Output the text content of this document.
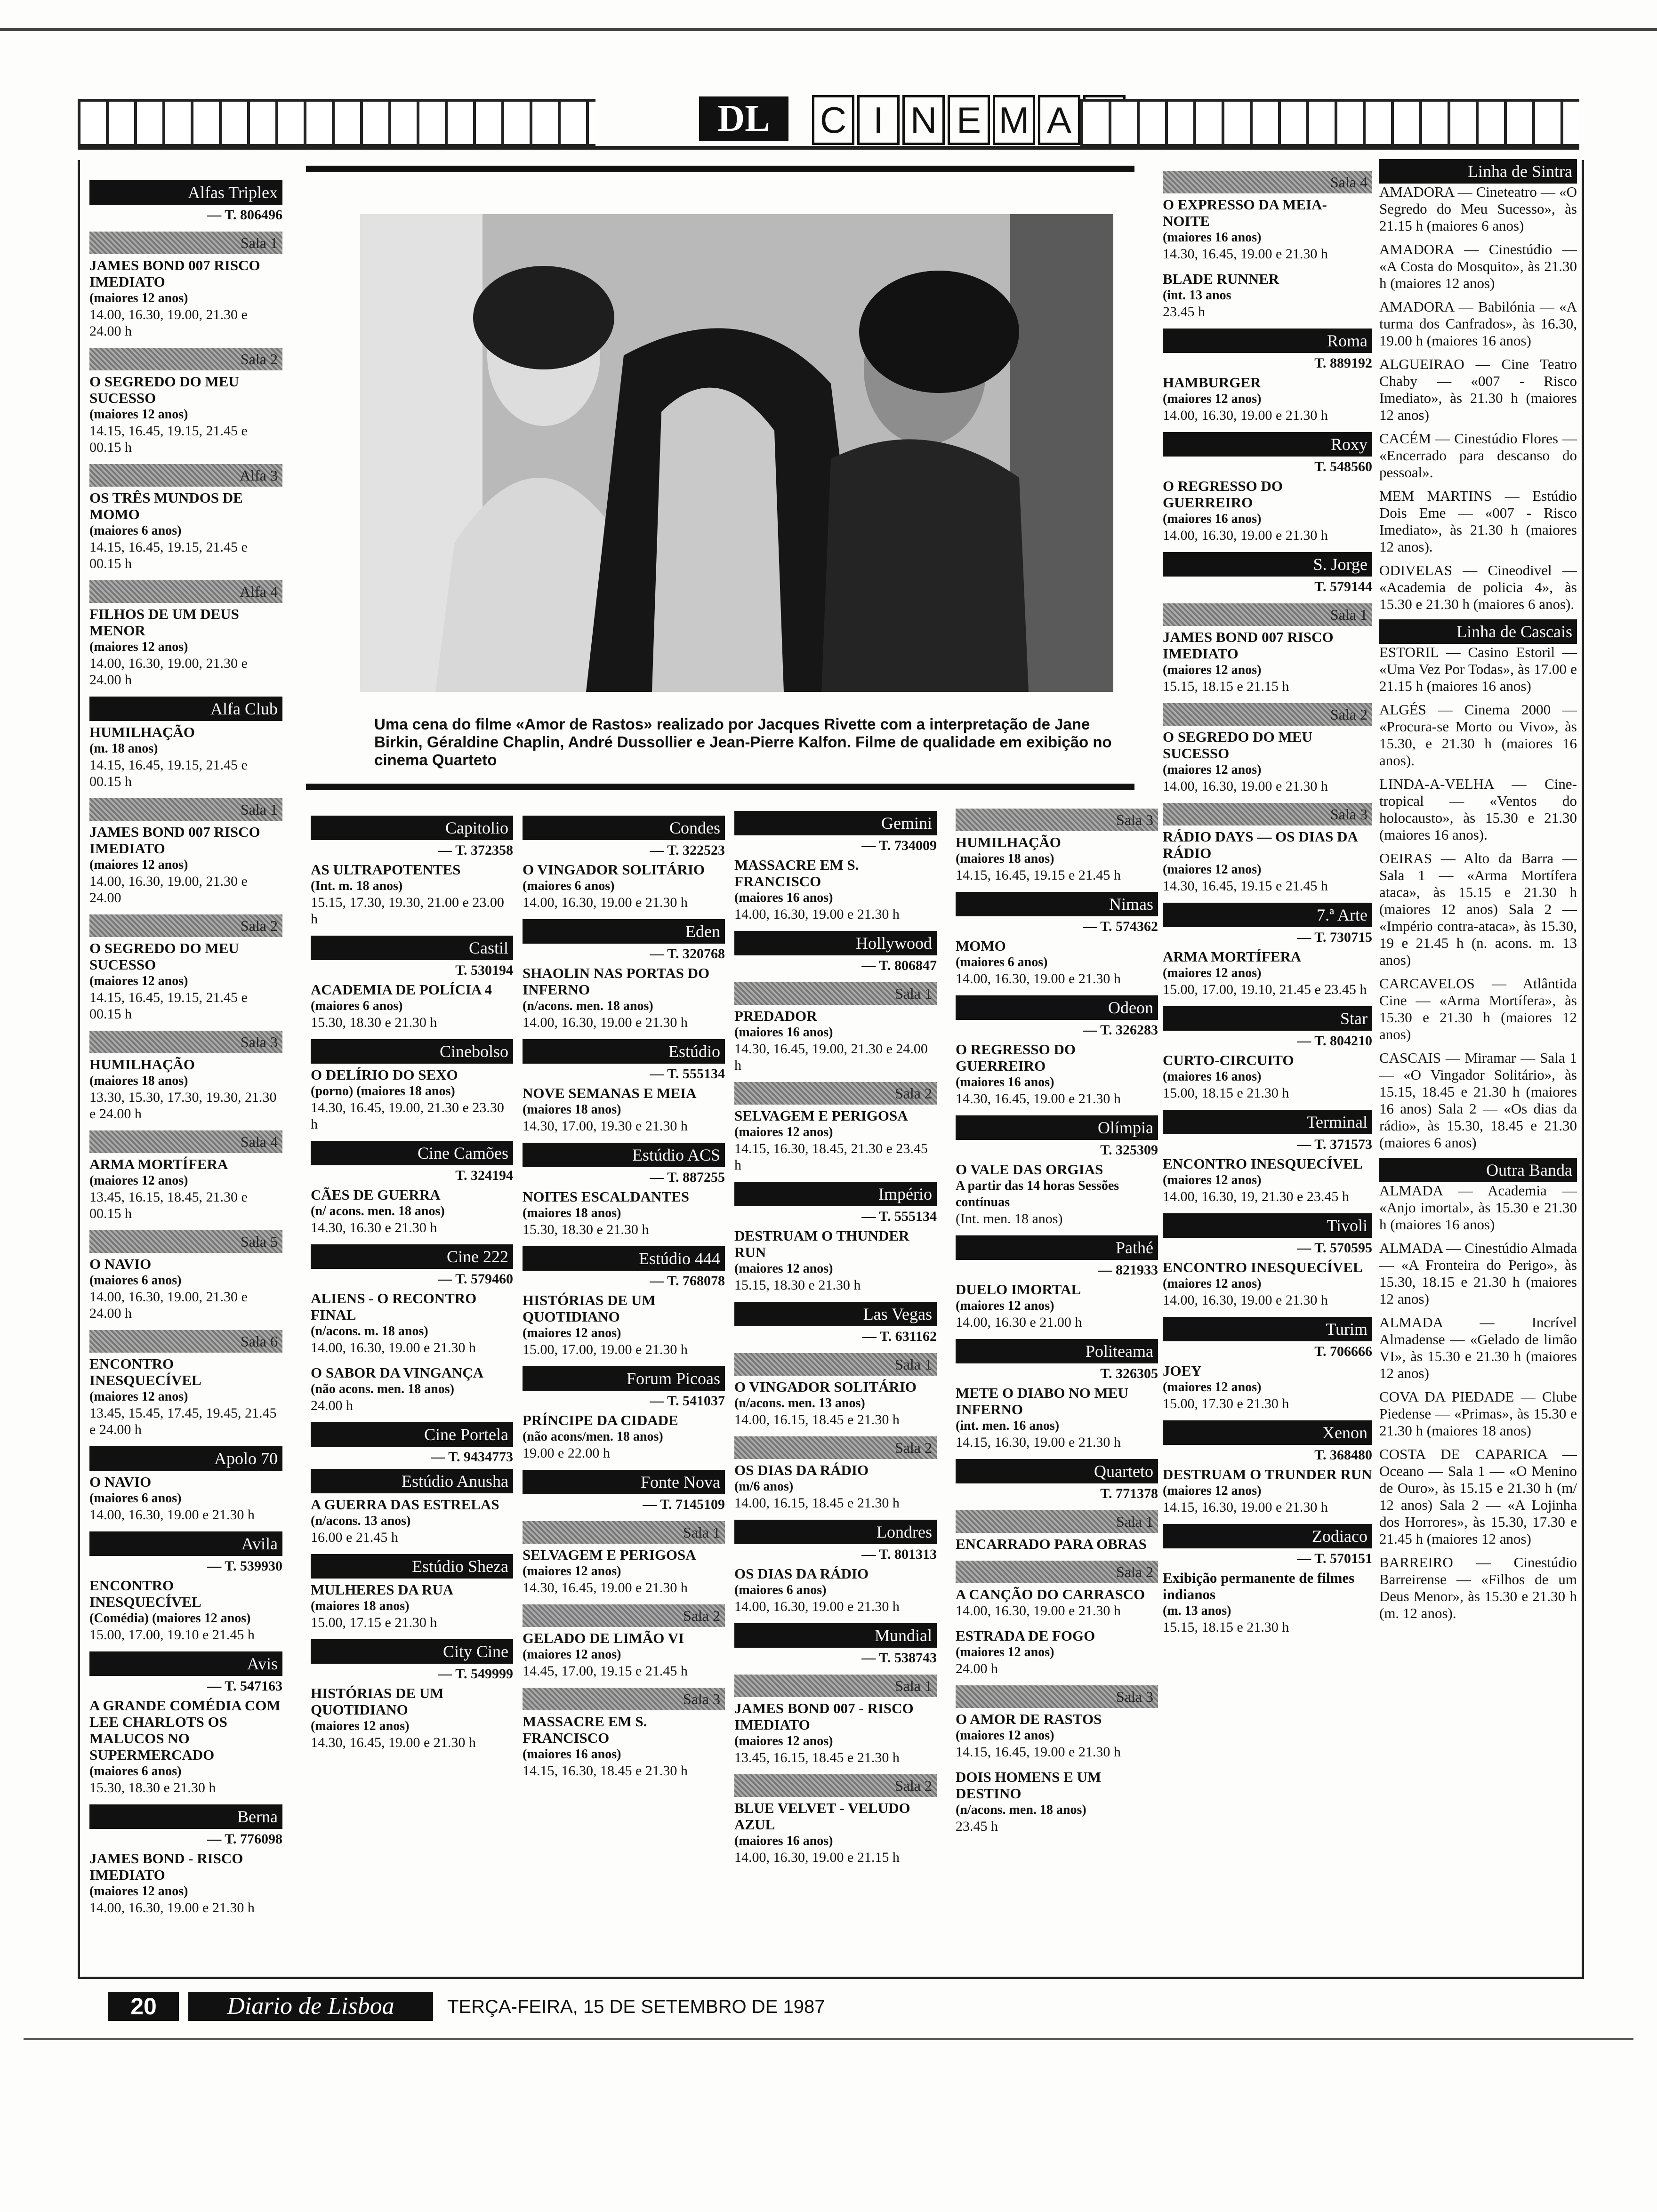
DL	C I N E M A
Uma cena do filme «Amor de Rastos» realizado por Jacques Rivette com a interpretação de Jane Birkin, Géraldine Chaplin, André Dussollier e Jean-Pierre Kalfon. Filme de qualidade em exibição no cinema Quarteto
Alfas Triplex
— T. 806496
Sala 1
JAMES BOND 007 RISCO IMEDIATO
(maiores 12 anos)
14.00, 16.30, 19.00, 21.30 e 24.00 h
Sala 2
O SEGREDO DO MEU SUCESSO
(maiores 12 anos)
14.15, 16.45, 19.15, 21.45 e 00.15 h
Alfa 3
OS TRÊS MUNDOS DE MOMO
(maiores 6 anos)
14.15, 16.45, 19.15, 21.45 e 00.15 h
Alfa 4
FILHOS DE UM DEUS MENOR
(maiores 12 anos)
14.00, 16.30, 19.00, 21.30 e 24.00 h
Alfa Club
HUMILHAÇÃO
(m. 18 anos)
14.15, 16.45, 19.15, 21.45 e 00.15 h
Sala 1
JAMES BOND 007 RISCO IMEDIATO
(maiores 12 anos)
14.00, 16.30, 19.00, 21.30 e 24.00
Sala 2
O SEGREDO DO MEU SUCESSO
(maiores 12 anos)
14.15, 16.45, 19.15, 21.45 e 00.15 h
Sala 3
HUMILHAÇÃO
(maiores 18 anos)
13.30, 15.30, 17.30, 19.30, 21.30 e 24.00 h
Sala 4
ARMA MORTÍFERA
(maiores 12 anos)
13.45, 16.15, 18.45, 21.30 e 00.15 h
Sala 5
O NAVIO
(maiores 6 anos)
14.00, 16.30, 19.00, 21.30 e 24.00 h
Sala 6
ENCONTRO INESQUECÍVEL
(maiores 12 anos)
13.45, 15.45, 17.45, 19.45, 21.45 e 24.00 h
Apolo 70
O NAVIO
(maiores 6 anos)
14.00, 16.30, 19.00 e 21.30 h
Avila
— T. 539930
ENCONTRO INESQUECÍVEL
(Comédia) (maiores 12 anos)
15.00, 17.00, 19.10 e 21.45 h
Avis
— T. 547163
A GRANDE COMÉDIA COM LEE CHARLOTS OS MALUCOS NO SUPERMERCADO
(maiores 6 anos)
15.30, 18.30 e 21.30 h
Berna
— T. 776098
JAMES BOND - RISCO IMEDIATO
(maiores 12 anos)
14.00, 16.30, 19.00 e 21.30 h
Capitolio
— T. 372358
AS ULTRAPOTENTES
(Int. m. 18 anos)
15.15, 17.30, 19.30, 21.00 e 23.00 h
Castil
T. 530194
ACADEMIA DE POLÍCIA 4
(maiores 6 anos)
15.30, 18.30 e 21.30 h
Cinebolso
O DELÍRIO DO SEXO
(porno) (maiores 18 anos)
14.30, 16.45, 19.00, 21.30 e 23.30 h
Cine Camões
T. 324194
CÃES DE GUERRA
(n/ acons. men. 18 anos)
14.30, 16.30 e 21.30 h
Cine 222
— T. 579460
ALIENS - O RECONTRO FINAL
(n/acons. m. 18 anos)
14.00, 16.30, 19.00 e 21.30 h
O SABOR DA VINGANÇA
(não acons. men. 18 anos)
24.00 h
Cine Portela
— T. 9434773
Estúdio Anusha
A GUERRA DAS ESTRELAS
(n/acons. 13 anos)
16.00 e 21.45 h
Estúdio Sheza
MULHERES DA RUA
(maiores 18 anos)
15.00, 17.15 e 21.30 h
City Cine
— T. 549999
HISTÓRIAS DE UM QUOTIDIANO
(maiores 12 anos)
14.30, 16.45, 19.00 e 21.30 h
Condes
— T. 322523
O VINGADOR SOLITÁRIO
(maiores 6 anos)
14.00, 16.30, 19.00 e 21.30 h
Eden
— T. 320768
SHAOLIN NAS PORTAS DO INFERNO
(n/acons. men. 18 anos)
14.00, 16.30, 19.00 e 21.30 h
Estúdio
— T. 555134
NOVE SEMANAS E MEIA
(maiores 18 anos)
14.30, 17.00, 19.30 e 21.30 h
Estúdio ACS
— T. 887255
NOITES ESCALDANTES
(maiores 18 anos)
15.30, 18.30 e 21.30 h
Estúdio 444
— T. 768078
HISTÓRIAS DE UM QUOTIDIANO
(maiores 12 anos)
15.00, 17.00, 19.00 e 21.30 h
Forum Picoas
— T. 541037
PRÍNCIPE DA CIDADE
(não acons/men. 18 anos)
19.00 e 22.00 h
Fonte Nova
— T. 7145109
Sala 1
SELVAGEM E PERIGOSA
(maiores 12 anos)
14.30, 16.45, 19.00 e 21.30 h
Sala 2
GELADO DE LIMÃO VI
(maiores 12 anos)
14.45, 17.00, 19.15 e 21.45 h
Sala 3
MASSACRE EM S. FRANCISCO
(maiores 16 anos)
14.15, 16.30, 18.45 e 21.30 h
Gemini
— T. 734009
MASSACRE EM S. FRANCISCO
(maiores 16 anos)
14.00, 16.30, 19.00 e 21.30 h
Hollywood
— T. 806847
Sala 1
PREDADOR
(maiores 16 anos)
14.30, 16.45, 19.00, 21.30 e 24.00 h
Sala 2
SELVAGEM E PERIGOSA
(maiores 12 anos)
14.15, 16.30, 18.45, 21.30 e 23.45 h
Império
— T. 555134
DESTRUAM O THUNDER RUN
(maiores 12 anos)
15.15, 18.30 e 21.30 h
Las Vegas
— T. 631162
Sala 1
O VINGADOR SOLITÁRIO
(n/acons. men. 13 anos)
14.00, 16.15, 18.45 e 21.30 h
Sala 2
OS DIAS DA RÁDIO
(m/6 anos)
14.00, 16.15, 18.45 e 21.30 h
Londres
— T. 801313
OS DIAS DA RÁDIO
(maiores 6 anos)
14.00, 16.30, 19.00 e 21.30 h
Mundial
— T. 538743
Sala 1
JAMES BOND 007 - RISCO IMEDIATO
(maiores 12 anos)
13.45, 16.15, 18.45 e 21.30 h
Sala 2
BLUE VELVET - VELUDO AZUL
(maiores 16 anos)
14.00, 16.30, 19.00 e 21.15 h
Sala 3
HUMILHAÇÃO
(maiores 18 anos)
14.15, 16.45, 19.15 e 21.45 h
Nimas
— T. 574362
MOMO
(maiores 6 anos)
14.00, 16.30, 19.00 e 21.30 h
Odeon
— T. 326283
O REGRESSO DO GUERREIRO
(maiores 16 anos)
14.30, 16.45, 19.00 e 21.30 h
Olímpia
T. 325309
O VALE DAS ORGIAS
A partir das 14 horas Sessões contínuas
(Int. men. 18 anos)
Pathé
— 821933
DUELO IMORTAL
(maiores 12 anos)
14.00, 16.30 e 21.00 h
Politeama
T. 326305
METE O DIABO NO MEU INFERNO
(int. men. 16 anos)
14.15, 16.30, 19.00 e 21.30 h
Quarteto
T. 771378
Sala 1
ENCARRADO PARA OBRAS
Sala 2
A CANÇÃO DO CARRASCO
14.00, 16.30, 19.00 e 21.30 h
ESTRADA DE FOGO
(maiores 12 anos)
24.00 h
Sala 3
O AMOR DE RASTOS
(maiores 12 anos)
14.15, 16.45, 19.00 e 21.30 h
DOIS HOMENS E UM DESTINO
(n/acons. men. 18 anos)
23.45 h
Sala 4
O EXPRESSO DA MEIA-NOITE
(maiores 16 anos)
14.30, 16.45, 19.00 e 21.30 h
BLADE RUNNER
(int. 13 anos
23.45 h
Roma
T. 889192
HAMBURGER
(maiores 12 anos)
14.00, 16.30, 19.00 e 21.30 h
Roxy
T. 548560
O REGRESSO DO GUERREIRO
(maiores 16 anos)
14.00, 16.30, 19.00 e 21.30 h
S. Jorge
T. 579144
Sala 1
JAMES BOND 007 RISCO IMEDIATO
(maiores 12 anos)
15.15, 18.15 e 21.15 h
Sala 2
O SEGREDO DO MEU SUCESSO
(maiores 12 anos)
14.00, 16.30, 19.00 e 21.30 h
Sala 3
RÁDIO DAYS — OS DIAS DA RÁDIO
(maiores 12 anos)
14.30, 16.45, 19.15 e 21.45 h
7.ª Arte
— T. 730715
ARMA MORTÍFERA
(maiores 12 anos)
15.00, 17.00, 19.10, 21.45 e 23.45 h
Star
— T. 804210
CURTO-CIRCUITO
(maiores 16 anos)
15.00, 18.15 e 21.30 h
Terminal
— T. 371573
ENCONTRO INESQUECÍVEL
(maiores 12 anos)
14.00, 16.30, 19, 21.30 e 23.45 h
Tivoli
— T. 570595
ENCONTRO INESQUECÍVEL
(maiores 12 anos)
14.00, 16.30, 19.00 e 21.30 h
Turim
T. 706666
JOEY
(maiores 12 anos)
15.00, 17.30 e 21.30 h
Xenon
T. 368480
DESTRUAM O TRUNDER RUN
(maiores 12 anos)
14.15, 16.30, 19.00 e 21.30 h
Zodiaco
— T. 570151
Exibição permanente de filmes indianos
(m. 13 anos)
15.15, 18.15 e 21.30 h
Linha de Sintra
AMADORA — Cineteatro — «O Segredo do Meu Sucesso», às 21.15 h (maiores 6 anos)
AMADORA — Cinestúdio — «A Costa do Mosquito», às 21.30 h (maiores 12 anos)
AMADORA — Babilónia — «A turma dos Canfrados», às 16.30, 19.00 h (maiores 16 anos)
ALGUEIRAO — Cine Teatro Chaby — «007 - Risco Imediato», às 21.30 h (maiores 12 anos)
CACÉM — Cinestúdio Flores — «Encerrado para descanso do pessoal».
MEM MARTINS — Estúdio Dois Eme — «007 - Risco Imediato», às 21.30 h (maiores 12 anos).
ODIVELAS — Cineodivel — «Academia de policia 4», às 15.30 e 21.30 h (maiores 6 anos).
Linha de Cascais
ESTORIL — Casino Estoril — «Uma Vez Por Todas», às 17.00 e 21.15 h (maiores 16 anos)
ALGÉS — Cinema 2000 — «Procura-se Morto ou Vivo», às 15.30, e 21.30 h (maiores 16 anos).
LINDA-A-VELHA — Cine-tropical — «Ventos do holocausto», às 15.30 e 21.30 (maiores 16 anos).
OEIRAS — Alto da Barra — Sala 1 — «Arma Mortífera ataca», às 15.15 e 21.30 h (maiores 12 anos) Sala 2 — «Império contra-ataca», às 15.30, 19 e 21.45 h (n. acons. m. 13 anos)
CARCAVELOS — Atlântida Cine — «Arma Mortífera», às 15.30 e 21.30 h (maiores 12 anos)
CASCAIS — Miramar — Sala 1 — «O Vingador Solitário», às 15.15, 18.45 e 21.30 h (maiores 16 anos) Sala 2 — «Os dias da rádio», às 15.30, 18.45 e 21.30 (maiores 6 anos)
Outra Banda
ALMADA — Academia — «Anjo imortal», às 15.30 e 21.30 h (maiores 16 anos)
ALMADA — Cinestúdio Almada — «A Fronteira do Perigo», às 15.30, 18.15 e 21.30 h (maiores 12 anos)
ALMADA — Incrível Almadense — «Gelado de limão VI», às 15.30 e 21.30 h (maiores 12 anos)
COVA DA PIEDADE — Clube Piedense — «Primas», às 15.30 e 21.30 h (maiores 18 anos)
COSTA DE CAPARICA — Oceano — Sala 1 — «O Menino de Ouro», às 15.15 e 21.30 h (m/ 12 anos) Sala 2 — «A Lojinha dos Horrores», às 15.30, 17.30 e 21.45 h (maiores 12 anos)
BARREIRO — Cinestúdio Barreirense — «Filhos de um Deus Menor», às 15.30 e 21.30 h (m. 12 anos).
20	Diario de Lisboa	TERÇA-FEIRA, 15 DE SETEMBRO DE 1987
